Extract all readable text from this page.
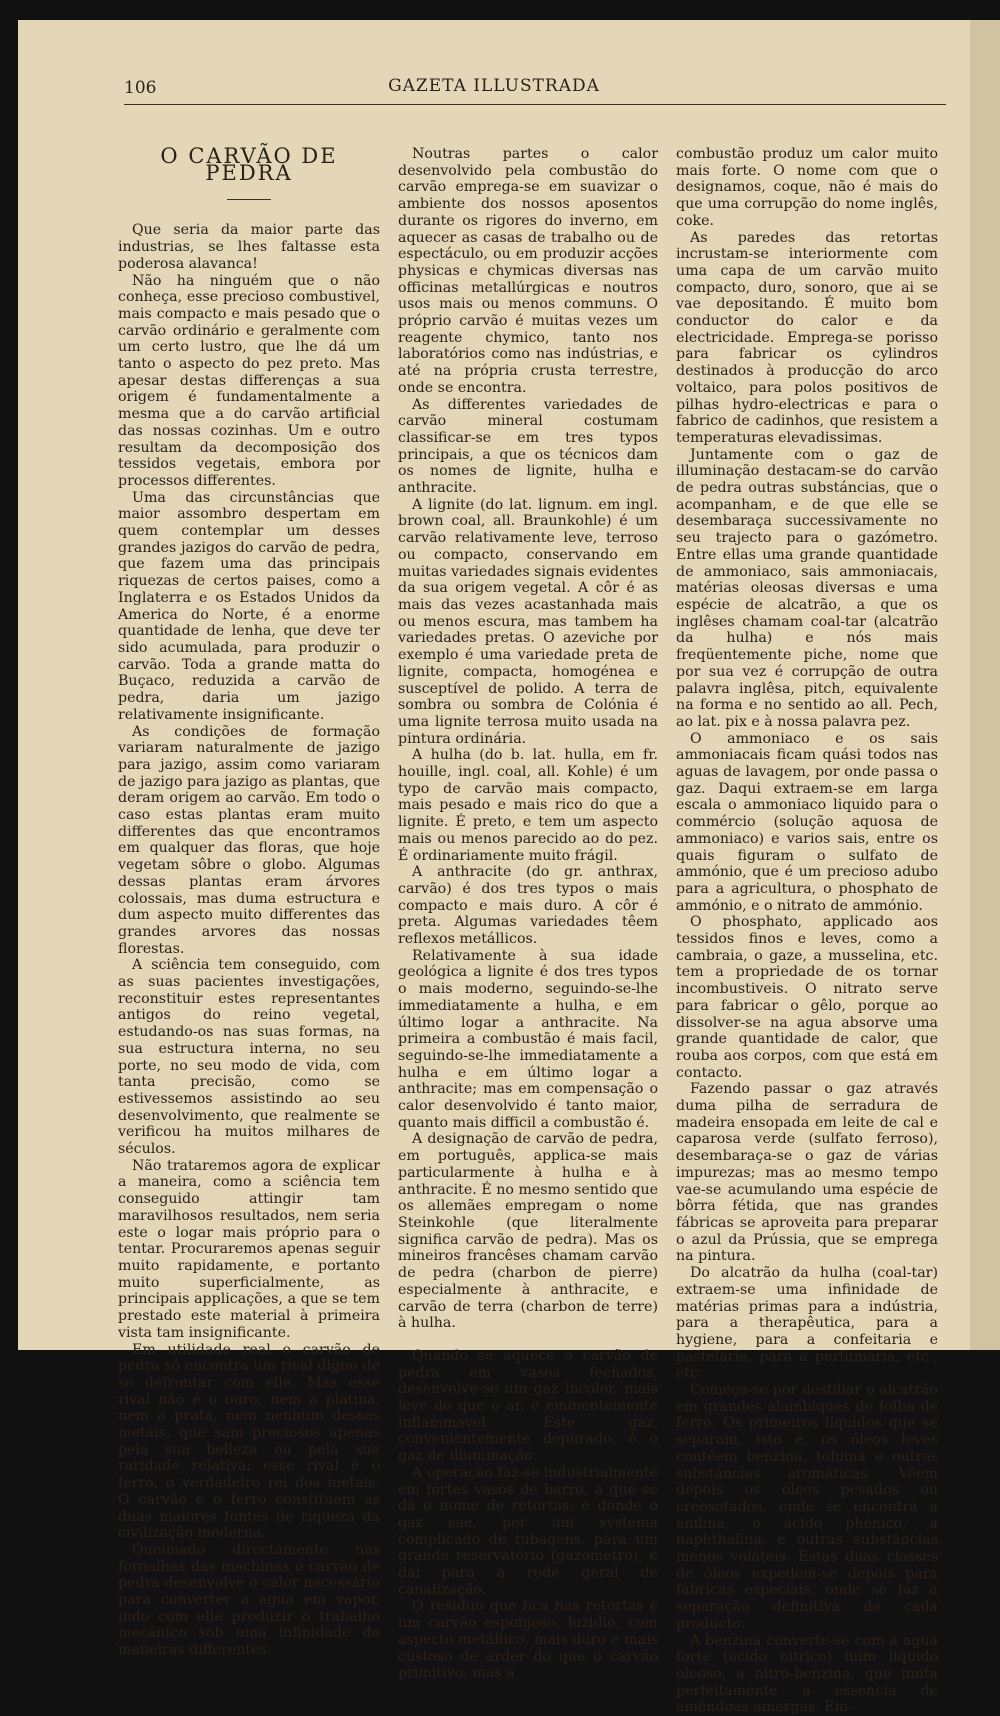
106	GAZETA ILLUSTRADA
O CARVÃO DE PEDRA

Que seria da maior parte das industrias, se lhes faltasse esta poderosa alavanca!

Não ha ninguém que o não conheça, esse precioso combustivel, mais compacto e mais pesado que o carvão ordinário e geralmente com um certo lustro, que lhe dá um tanto o aspecto do pez preto. Mas apesar destas differenças a sua origem é fundamentalmente a mesma que a do carvão artificial das nossas cozinhas. Um e outro resultam da decomposição dos tessidos vegetais, embora por processos differentes.

Uma das circunstâncias que maior assombro despertam em quem contemplar um desses grandes jazigos do carvão de pedra, que fazem uma das principais riquezas de certos paises, como a Inglaterra e os Estados Unidos da America do Norte, é a enorme quantidade de lenha, que deve ter sido acumulada, para produzir o carvão. Toda a grande matta do Buçaco, reduzida a carvão de pedra, daria um jazigo relativamente insignificante.

As condições de formação variaram naturalmente de jazigo para jazigo, assim como variaram de jazigo para jazigo as plantas, que deram origem ao carvão. Em todo o caso estas plantas eram muito differentes das que encontramos em qualquer das floras, que hoje vegetam sôbre o globo. Algumas dessas plantas eram árvores colossais, mas duma estructura e dum aspecto muito differentes das grandes arvores das nossas florestas.

A sciência tem conseguido, com as suas pacientes investigações, reconstituir estes representantes antigos do reino vegetal, estudando-os nas suas formas, na sua estructura interna, no seu porte, no seu modo de vida, com tanta precisão, como se estivessemos assistindo ao seu desenvolvimento, que realmente se verificou ha muitos milhares de séculos.

Não trataremos agora de explicar a maneira, como a sciência tem conseguido attingir tam maravilhosos resultados, nem seria este o logar mais próprio para o tentar. Procuraremos apenas seguir muito rapidamente, e portanto muito superficialmente, as principais applicações, a que se tem prestado este material à primeira vista tam insignificante.

Em utilidade real o carvão de pedra só encontra um rival digno de se defrontar com elle. Mas esse rival não é o ouro, nem a platina, nem a prata, nem nenhum desses metais, que sam preciosos apenas pela sua belleza ou pela sua raridade relativa; esse rival é o ferro, o verdadeiro rei dos metais. O carvão e o ferro constituem as duas maiores fontes de riqueza da civilização moderna.

Queimado directamente nas fornalhas das machinas o carvão de pedra desenvolve o calor necessário para converter a agua em vapor, indo com elle produzir o trabalho mecânico sob uma infinidade de maneiras differentes.

Noutras partes o calor desenvolvido pela combustão do carvão emprega-se em suavizar o ambiente dos nossos aposentos durante os rigores do inverno, em aquecer as casas de trabalho ou de espectáculo, ou em produzir acções physicas e chymicas diversas nas officinas metallúrgicas e noutros usos mais ou menos communs. O próprio carvão é muitas vezes um reagente chymico, tanto nos laboratórios como nas indústrias, e até na própria crusta terrestre, onde se encontra.

As differentes variedades de carvão mineral costumam classificar-se em tres typos principais, a que os técnicos dam os nomes de lignite, hulha e anthracite.

A lignite (do lat. lignum. em ingl. brown coal, all. Braunkohle) é um carvão relativamente leve, terroso ou compacto, conservando em muitas variedades signais evidentes da sua origem vegetal. A côr é as mais das vezes acastanhada mais ou menos escura, mas tambem ha variedades pretas. O azeviche por exemplo é uma variedade preta de lignite, compacta, homogénea e susceptível de polido. A terra de sombra ou sombra de Colónia é uma lignite terrosa muito usada na pintura ordinária.

A hulha (do b. lat. hulla, em fr. houille, ingl. coal, all. Kohle) é um typo de carvão mais compacto, mais pesado e mais rico do que a lignite. É preto, e tem um aspecto mais ou menos parecido ao do pez. É ordinariamente muito frágil.

A anthracite (do gr. anthrax, carvão) é dos tres typos o mais compacto e mais duro. A côr é preta. Algumas variedades têem reflexos metállicos.

Relativamente à sua idade geológica a lignite é dos tres typos o mais moderno, seguindo-se-lhe immediatamente a hulha, e em último logar a anthracite. Na primeira a combustão é mais facil, seguindo-se-lhe immediatamente a hulha e em último logar a anthracite; mas em compensação o calor desenvolvido é tanto maior, quanto mais difficil a combustão é.

A designação de carvão de pedra, em português, applica-se mais particularmente à hulha e à anthracite. É no mesmo sentido que os allemães empregam o nome Steinkohle (que literalmente significa carvão de pedra). Mas os mineiros francêses chamam carvão de pedra (charbon de pierre) especialmente à anthracite, e carvão de terra (charbon de terre) à hulha.

Quando se aquece o carvão de pedra em vasos fechados, desenvolve-se um gaz incolor, mais leve do que o ar, e eminentemente inflammavel. Este gaz, convenientemente depurado, é o gaz de illuminação.

A operação faz-se industrialmente em fortes vasos de barro, a que se dá o nome de retortas, e donde o gaz sae, por um systema complicado de tubagens, para um grande reservatório (gazometro), é dai para a rede geral de canalização.

O residuo que fica nas retortas é um carvão esponjoso, luzidio, com aspecto metállico, mais duro e mais custoso de arder do que o carvão primitivo; mas a

combustão produz um calor muito mais forte. O nome com que o designamos, coque, não é mais do que uma corrupção do nome inglês, coke.

As paredes das retortas incrustam-se interiormente com uma capa de um carvão muito compacto, duro, sonoro, que ai se vae depositando. É muito bom conductor do calor e da electricidade. Emprega-se porisso para fabricar os cylindros destinados à producção do arco voltaico, para polos positivos de pilhas hydro-electricas e para o fabrico de cadinhos, que resistem a temperaturas elevadissimas.

Juntamente com o gaz de illuminação destacam-se do carvão de pedra outras substáncias, que o acompanham, e de que elle se desembaraça successivamente no seu trajecto para o gazómetro. Entre ellas uma grande quantidade de ammoniaco, sais ammoniacais, matérias oleosas diversas e uma espécie de alcatrão, a que os inglêses chamam coal-tar (alcatrão da hulha) e nós mais freqüentemente piche, nome que por sua vez é corrupção de outra palavra inglêsa, pitch, equivalente na forma e no sentido ao all. Pech, ao lat. pix e à nossa palavra pez.

O ammoniaco e os sais ammoniacais ficam quási todos nas aguas de lavagem, por onde passa o gaz. Daqui extraem-se em larga escala o ammoniaco liquido para o commércio (solução aquosa de ammoniaco) e varios sais, entre os quais figuram o sulfato de ammónio, que é um precioso adubo para a agricultura, o phosphato de ammónio, e o nitrato de ammónio.

O phosphato, applicado aos tessidos finos e leves, como a cambraia, o gaze, a musselina, etc. tem a propriedade de os tornar incombustiveis. O nitrato serve para fabricar o gêlo, porque ao dissolver-se na agua absorve uma grande quantidade de calor, que rouba aos corpos, com que está em contacto.

Fazendo passar o gaz através duma pilha de serradura de madeira ensopada em leite de cal e caparosa verde (sulfato ferroso), desembaraça-se o gaz de várias impurezas; mas ao mesmo tempo vae-se acumulando uma espécie de bôrra fétida, que nas grandes fábricas se aproveita para preparar o azul da Prússia, que se emprega na pintura.

Do alcatrão da hulha (coal-tar) extraem-se uma infinidade de matérias primas para a indústria, para a therapêutica, para a hygiene, para a confeitaria e pastelaria, para a perfumaria, etc., etc.

Começa-se por destillar o alcatrão em grandes alambiques de folha de ferro. Os primeiros liquidos que se separam, isto é, os óleos leves contêem benzina, toluina e outras substáncias aromáticas. Vêem depois os óleos pesados ou creosotados, onde se encontra a anilina, o ácido phénico, a naphthalina, e outras substáncias menos voláteis. Estas duas classes de óleos expedem-se depois para fábricas especiais, onde se faz a separação definitiva de cada producto.

A benzina converte-se com a agua forte (acido nitrico) num liquido oleoso, a nitro-benzina, que imita perfeitamente a essencia de amêndoas amargas. Em-
